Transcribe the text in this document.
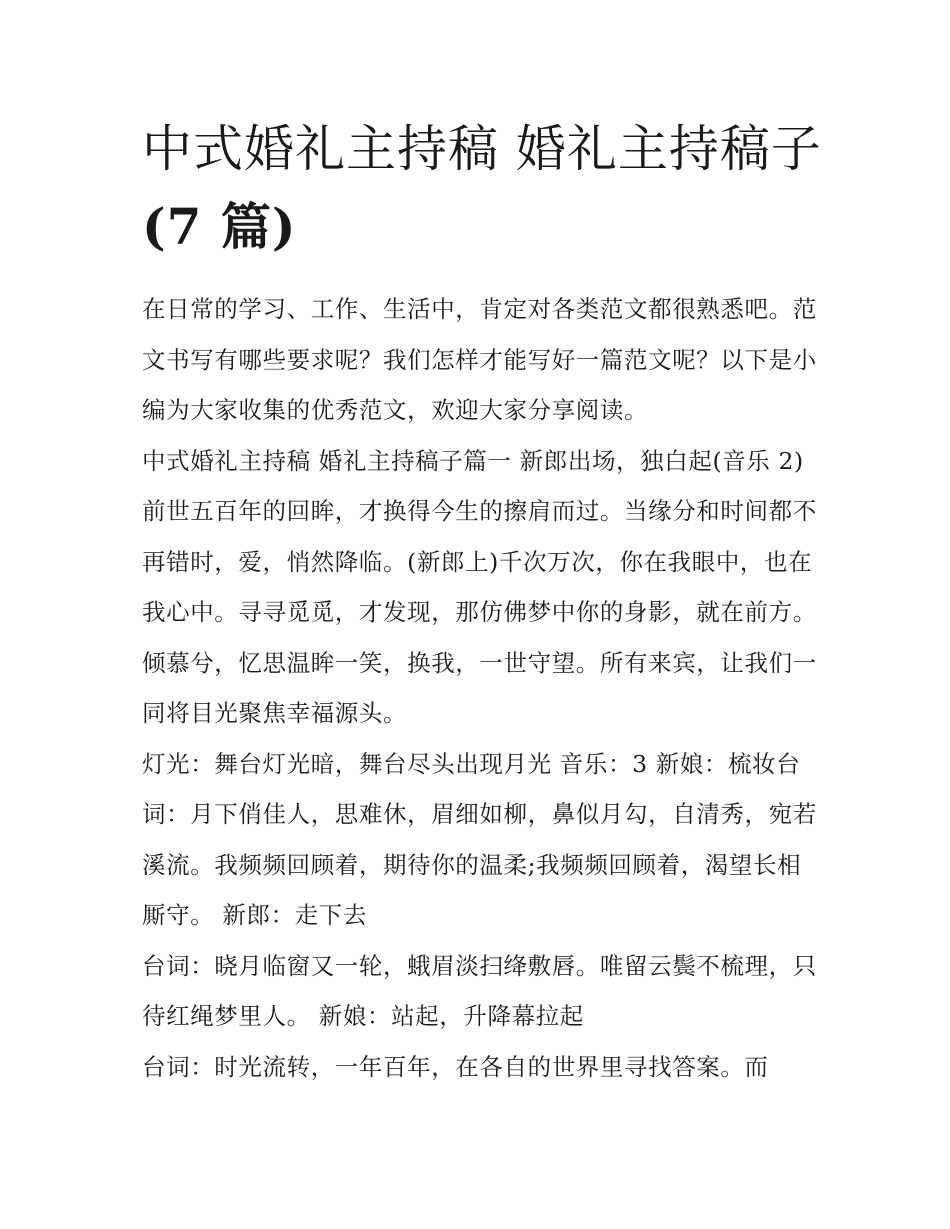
中式婚礼主持稿 婚礼主持稿子
(7 篇)

在日常的学习、工作、生活中，肯定对各类范文都很熟悉吧。范文书写有哪些要求呢？我们怎样才能写好一篇范文呢？以下是小编为大家收集的优秀范文，欢迎大家分享阅读。

中式婚礼主持稿 婚礼主持稿子篇一 新郎出场，独白起(音乐 2)前世五百年的回眸，才换得今生的擦肩而过。当缘分和时间都不再错时，爱，悄然降临。(新郎上)千次万次，你在我眼中，也在我心中。寻寻觅觅，才发现，那仿佛梦中你的身影，就在前方。倾慕兮，忆思温眸一笑，换我，一世守望。所有来宾，让我们一同将目光聚焦幸福源头。

灯光：舞台灯光暗，舞台尽头出现月光 音乐：3 新娘：梳妆台词：月下俏佳人，思难休，眉细如柳，鼻似月勾，自清秀，宛若溪流。我频频回顾着，期待你的温柔;我频频回顾着，渴望长相厮守。 新郎：走下去

台词：晓月临窗又一轮，蛾眉淡扫绛敷唇。唯留云鬓不梳理，只待红绳梦里人。 新娘：站起，升降幕拉起

台词：时光流转，一年百年，在各自的世界里寻找答案。而
